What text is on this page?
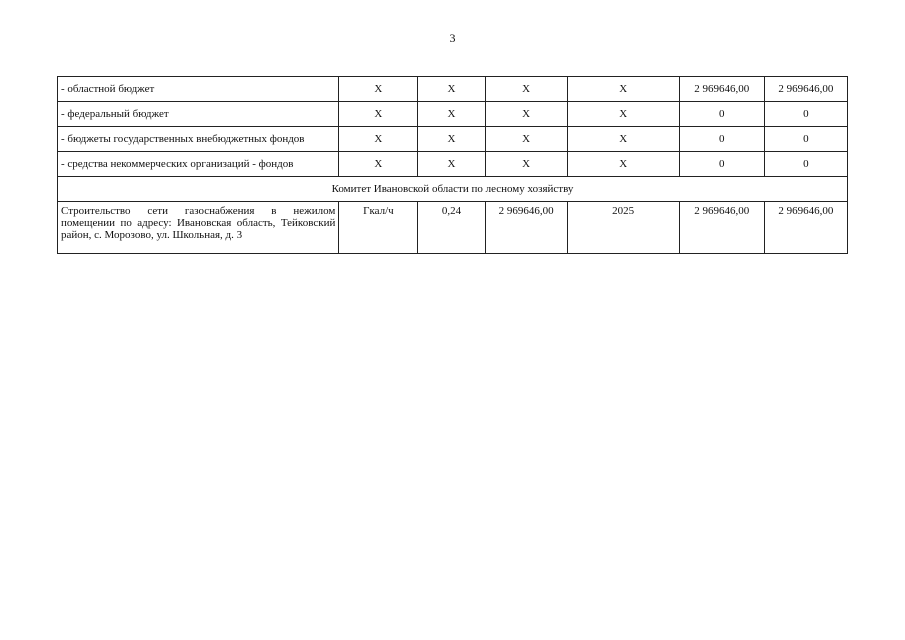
3
- областной бюджет	Х	Х	Х	Х	2 969646,00	2 969646,00
- федеральный бюджет	Х	Х	Х	Х	0	0
- бюджеты государственных внебюджетных фондов	Х	Х	Х	Х	0	0
- средства некоммерческих организаций - фондов	Х	Х	Х	Х	0	0
Комитет Ивановской области по лесному хозяйству						
Строительство сети газоснабжения в нежилом помещении по адресу: Ивановская область, Тейковский район, с. Морозово, ул. Школьная, д. 3	Гкал/ч	0,24	2 969646,00	2025	2 969646,00	2 969646,00
